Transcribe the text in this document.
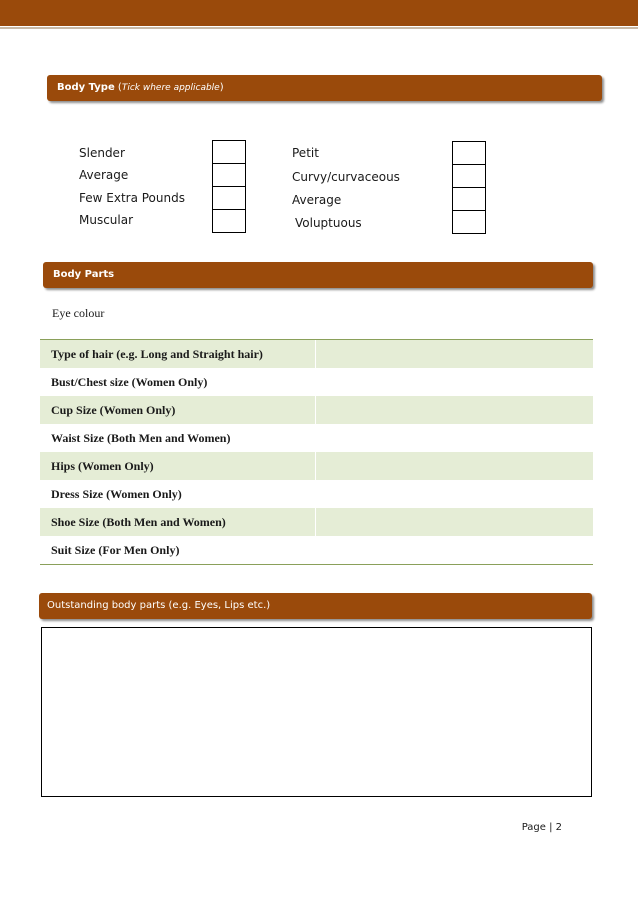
Body Type (Tick where applicable)
Slender
Average
Few Extra Pounds
Muscular
Petit
Curvy/curvaceous
Average
Voluptuous
Body Parts
Eye colour
Type of hair (e.g. Long and Straight hair)
Bust/Chest size (Women Only)
Cup Size (Women Only)
Waist Size (Both Men and Women)
Hips (Women Only)
Dress Size (Women Only)
Shoe Size (Both Men and Women)
Suit Size (For Men Only)
Outstanding body parts (e.g. Eyes, Lips etc.)
Page | 2
